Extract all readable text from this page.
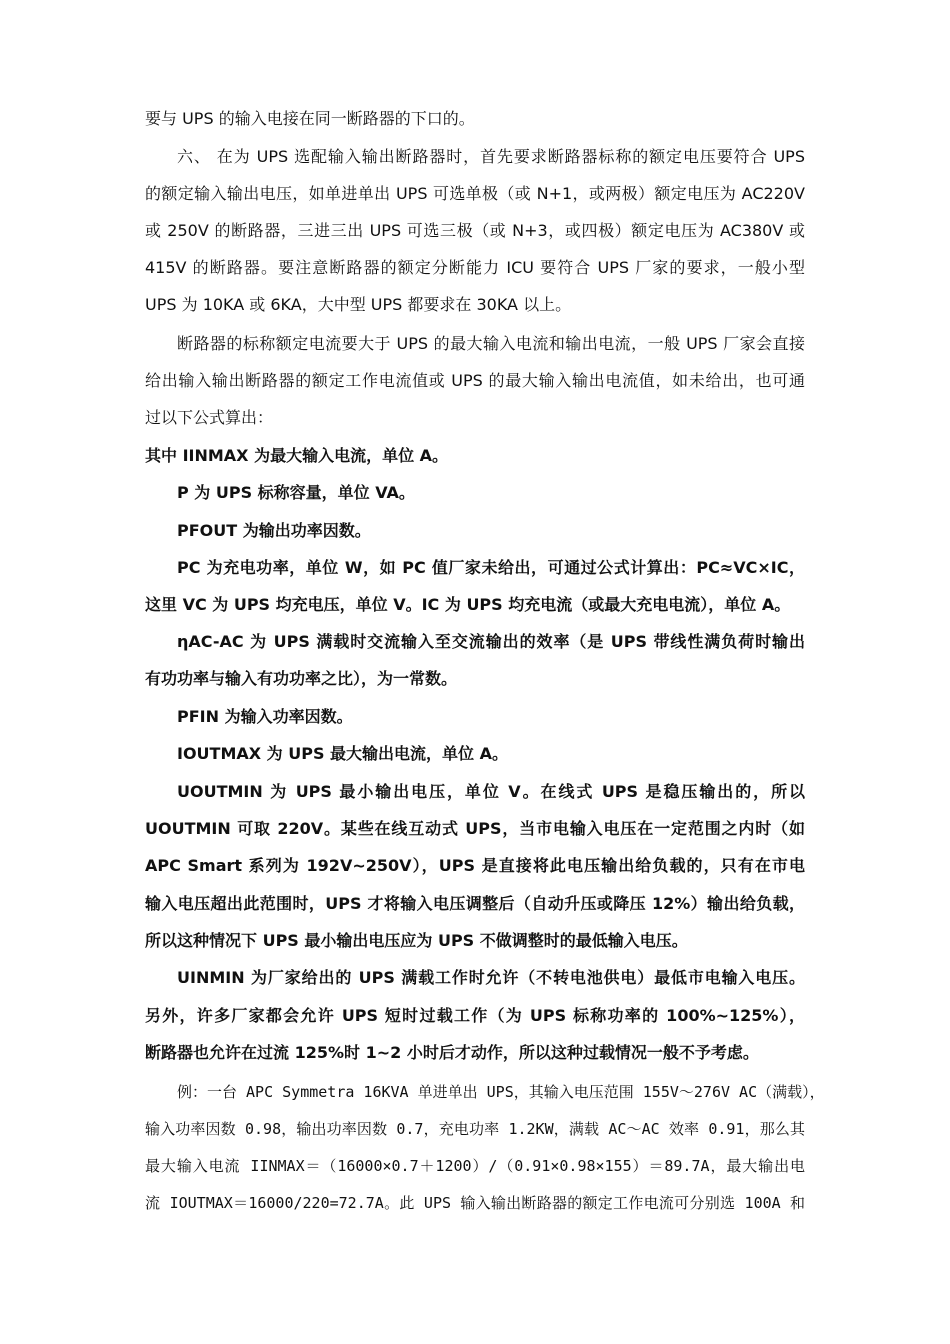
要与 UPS 的输入电接在同一断路器的下口的。
六、 在为 UPS 选配输入输出断路器时，首先要求断路器标称的额定电压要符合 UPS
的额定输入输出电压，如单进单出 UPS 可选单极（或 N+1，或两极）额定电压为 AC220V
或 250V 的断路器，三进三出 UPS 可选三极（或 N+3，或四极）额定电压为 AC380V 或
415V 的断路器。要注意断路器的额定分断能力 ICU 要符合 UPS 厂家的要求，一般小型
UPS 为 10KA 或 6KA，大中型 UPS 都要求在 30KA 以上。
断路器的标称额定电流要大于 UPS 的最大输入电流和输出电流，一般 UPS 厂家会直接
给出输入输出断路器的额定工作电流值或 UPS 的最大输入输出电流值，如未给出，也可通
过以下公式算出：
其中 IINMAX 为最大输入电流，单位 A。
P 为 UPS 标称容量，单位 VA。
PFOUT 为输出功率因数。
PC 为充电功率，单位 W，如 PC 值厂家未给出，可通过公式计算出：PC≈VC×IC，
这里 VC 为 UPS 均充电压，单位 V。IC 为 UPS 均充电流（或最大充电电流），单位 A。
ηAC-AC 为 UPS 满载时交流输入至交流输出的效率（是 UPS 带线性满负荷时输出
有功功率与输入有功功率之比），为一常数。
PFIN 为输入功率因数。
IOUTMAX 为 UPS 最大输出电流，单位 A。
UOUTMIN 为 UPS 最小输出电压，单位 V。在线式 UPS 是稳压输出的，所以
UOUTMIN 可取 220V。某些在线互动式 UPS，当市电输入电压在一定范围之内时（如
APC Smart 系列为 192V~250V），UPS 是直接将此电压输出给负载的，只有在市电
输入电压超出此范围时，UPS 才将输入电压调整后（自动升压或降压 12%）输出给负载，
所以这种情况下 UPS 最小输出电压应为 UPS 不做调整时的最低输入电压。
UINMIN 为厂家给出的 UPS 满载工作时允许（不转电池供电）最低市电输入电压。
另外，许多厂家都会允许 UPS 短时过载工作（为 UPS 标称功率的 100%~125%），
断路器也允许在过流 125%时 1~2 小时后才动作，所以这种过载情况一般不予考虑。
例：一台 APC Symmetra 16KVA 单进单出 UPS，其输入电压范围 155V～276V AC（满载），
输入功率因数 0.98，输出功率因数 0.7，充电功率 1.2KW，满载 AC～AC 效率 0.91，那么其
最大输入电流 IINMAX＝（16000×0.7＋1200）/（0.91×0.98×155）＝89.7A，最大输出电
流 IOUTMAX＝16000/220=72.7A。此 UPS 输入输出断路器的额定工作电流可分别选 100A 和
